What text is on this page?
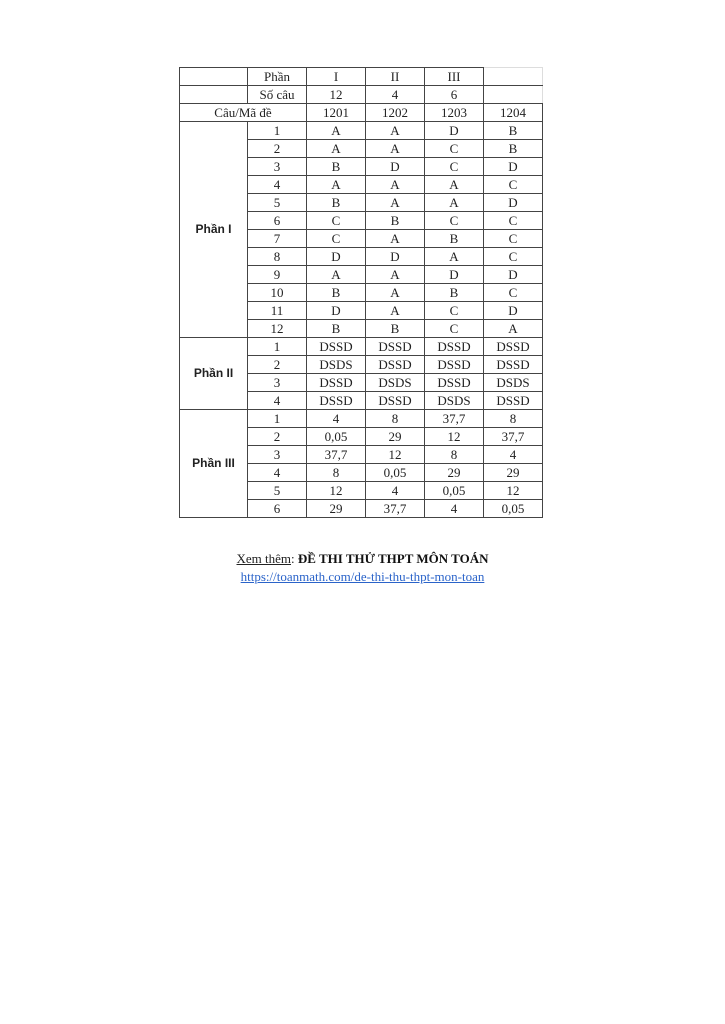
	Phần	I	II	III	
	Số câu	12	4	6	
Câu/Mã đề		1201	1202	1203	1204
Phần I	1	A	A	D	B
	2	A	A	C	B
	3	B	D	C	D
	4	A	A	A	C
	5	B	A	A	D
	6	C	B	C	C
	7	C	A	B	C
	8	D	D	A	C
	9	A	A	D	D
	10	B	A	B	C
	11	D	A	C	D
	12	B	B	C	A
Phần II	1	DSSD	DSSD	DSSD	DSSD
	2	DSDS	DSSD	DSSD	DSSD
	3	DSSD	DSDS	DSSD	DSDS
	4	DSSD	DSSD	DSDS	DSSD
Phần III	1	4	8	37,7	8
	2	0,05	29	12	37,7
	3	37,7	12	8	4
	4	8	0,05	29	29
	5	12	4	0,05	12
	6	29	37,7	4	0,05
Xem thêm: ĐỀ THI THỬ THPT MÔN TOÁN
https://toanmath.com/de-thi-thu-thpt-mon-toan
